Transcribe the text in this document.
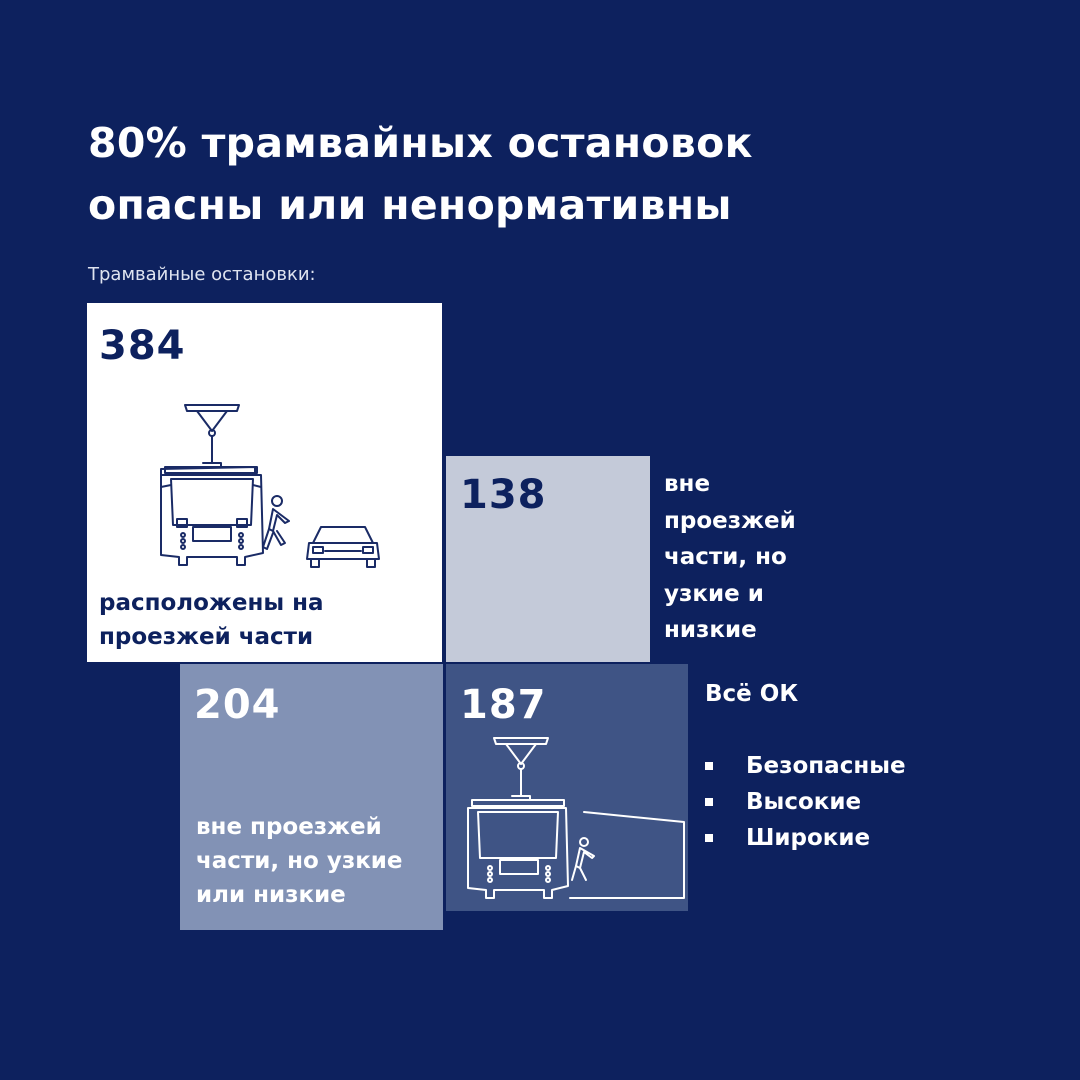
80% трамвайных остановок
опасны или ненормативны
Трамвайные остановки:
384
расположены на проезжей части
138	вне
проезжей
части, но
узкие и
низкие
204
вне проезжей
части, но узкие
или низкие
187	Всё ОК
Безопасные
Высокие
Широкие
